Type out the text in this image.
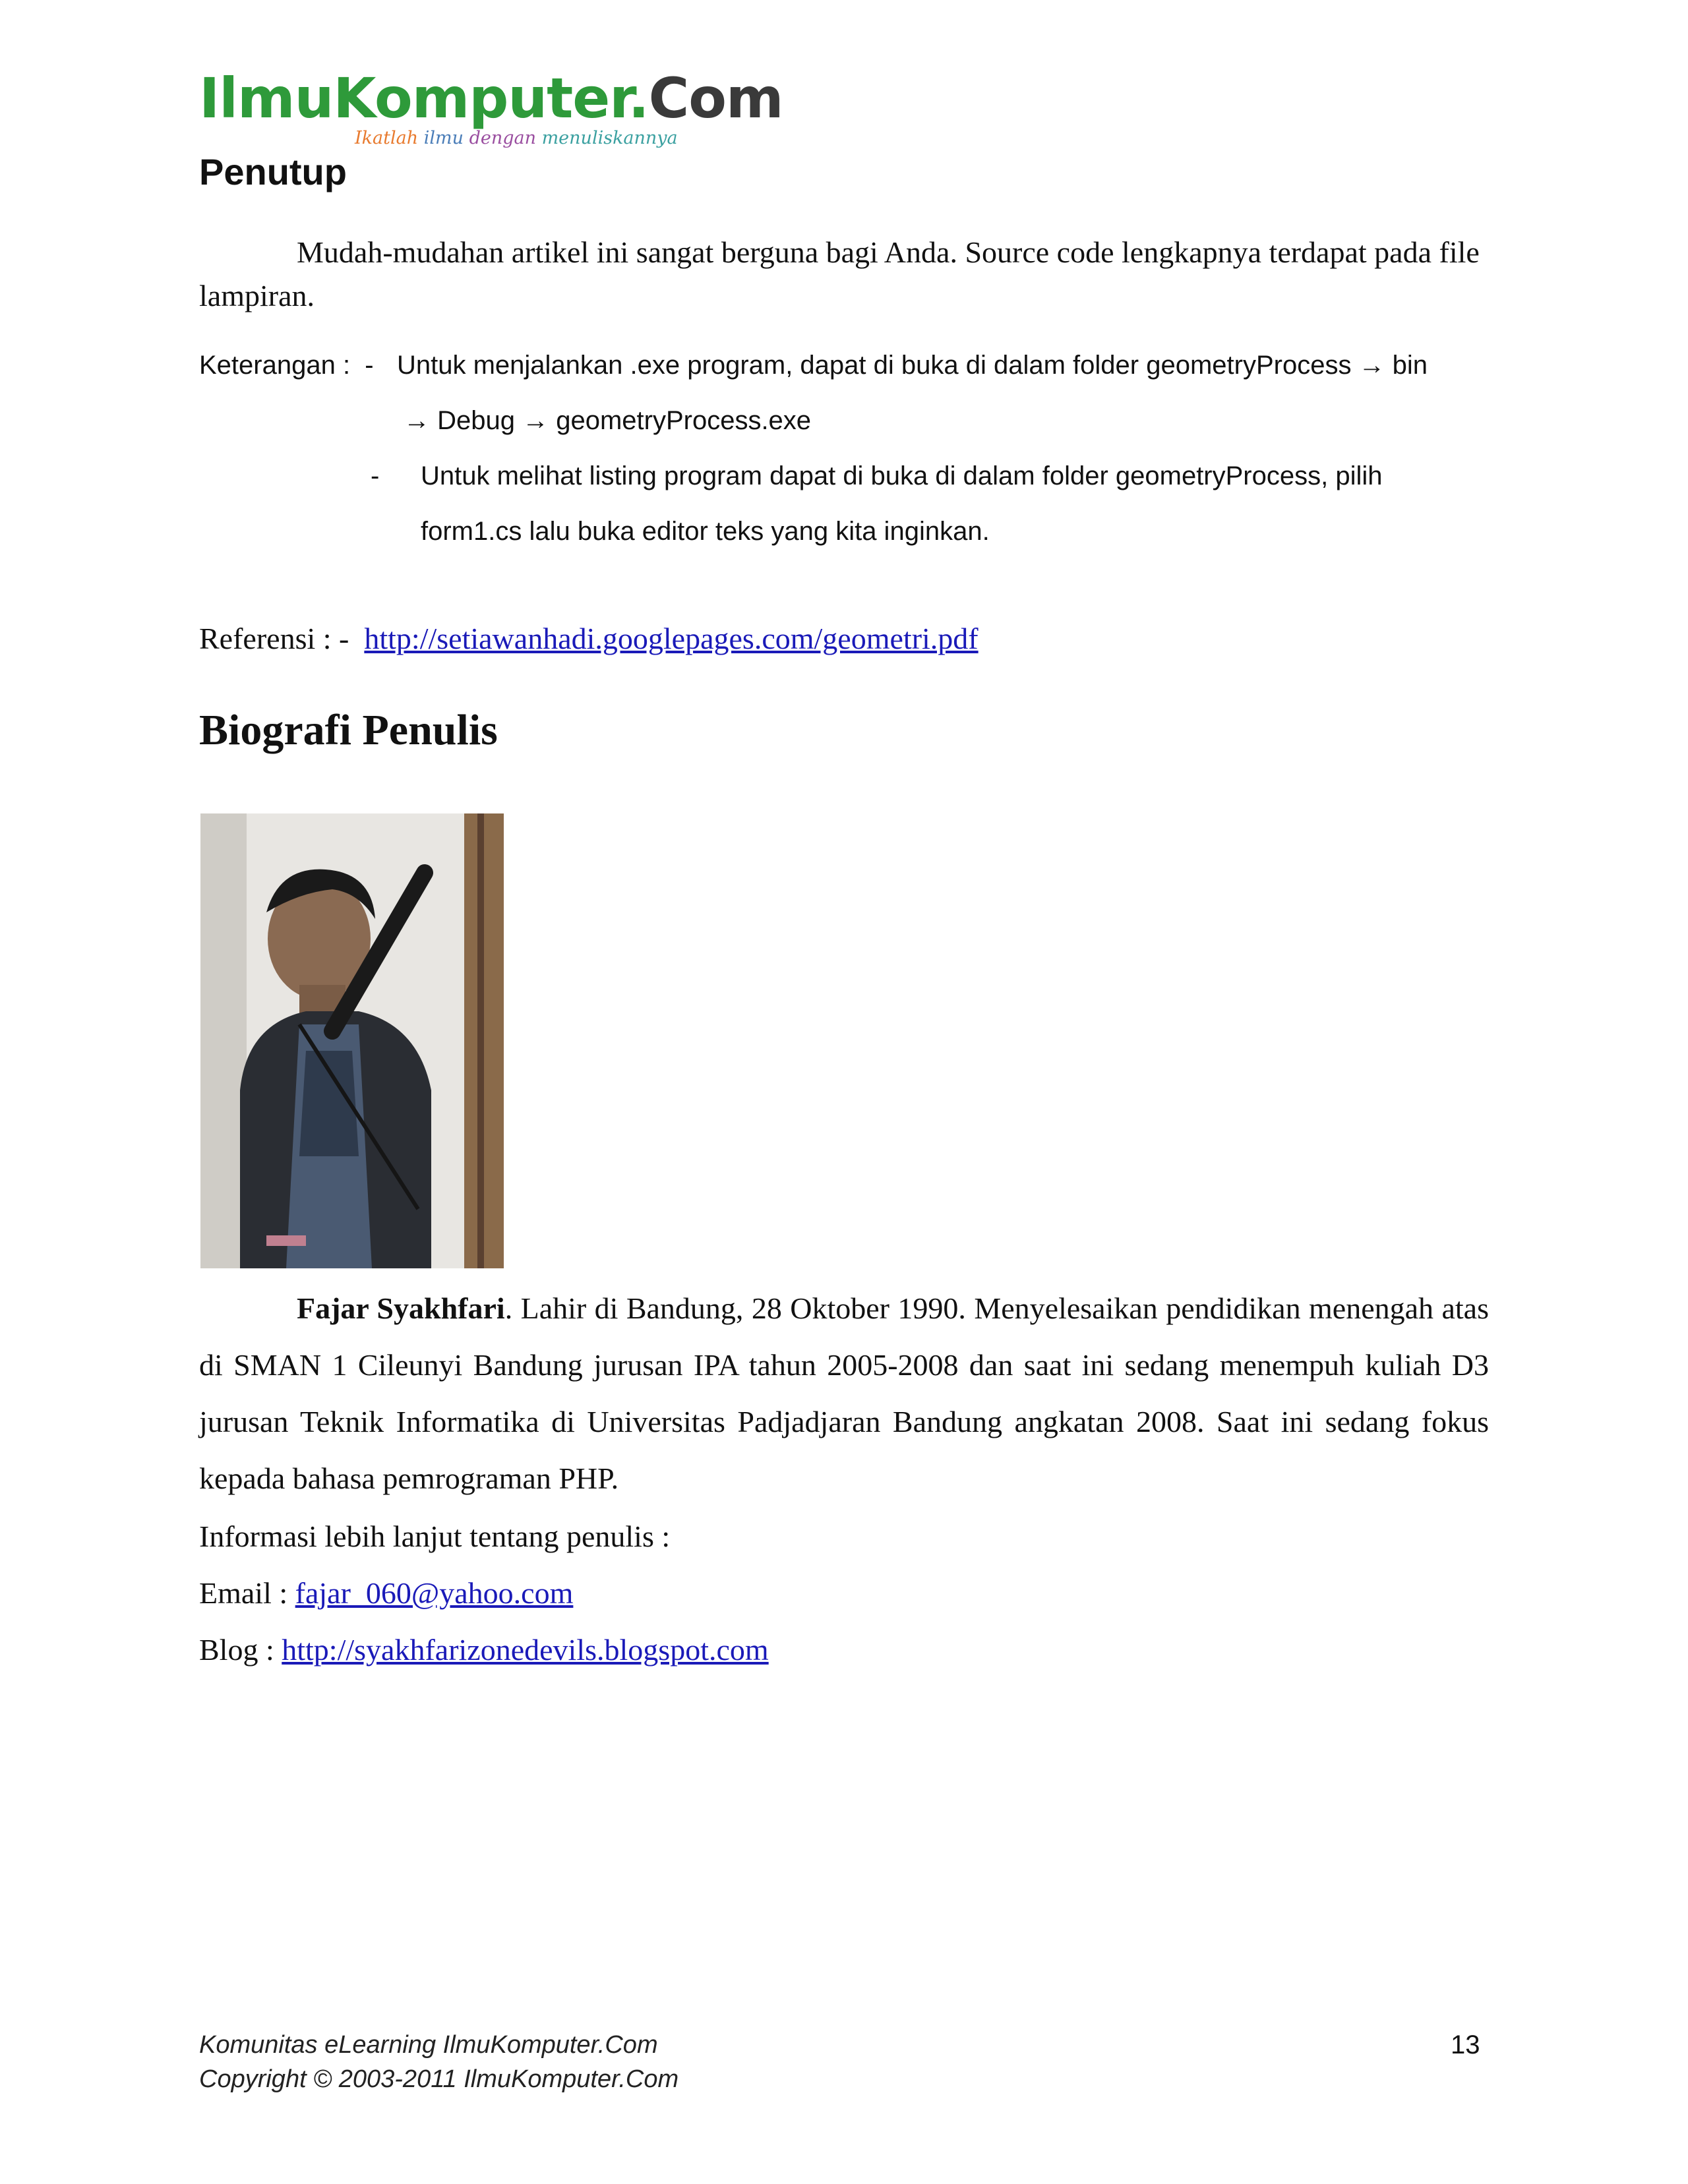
IlmuKomputer.Com
Ikatlah ilmu dengan menuliskannya
Penutup

Mudah-mudahan artikel ini sangat berguna bagi Anda. Source code lengkapnya terdapat pada file lampiran.

Keterangan : - Untuk menjalankan .exe program, dapat di buka di dalam folder geometryProcess → bin

→ Debug → geometryProcess.exe

- Untuk melihat listing program dapat di buka di dalam folder geometryProcess, pilih

form1.cs lalu buka editor teks yang kita inginkan.

Referensi : - http://setiawanhadi.googlepages.com/geometri.pdf

Biografi Penulis

Fajar Syakhfari. Lahir di Bandung, 28 Oktober 1990. Menyelesaikan pendidikan menengah atas di SMAN 1 Cileunyi Bandung jurusan IPA tahun 2005-2008 dan saat ini sedang menempuh kuliah D3 jurusan Teknik Informatika di Universitas Padjadjaran Bandung angkatan 2008. Saat ini sedang fokus kepada bahasa pemrograman PHP.

Informasi lebih lanjut tentang penulis :

Email : fajar_060@yahoo.com

Blog : http://syakhfarizonedevils.blogspot.com

Komunitas eLearning IlmuKomputer.Com
Copyright © 2003-2011 IlmuKomputer.Com

13
